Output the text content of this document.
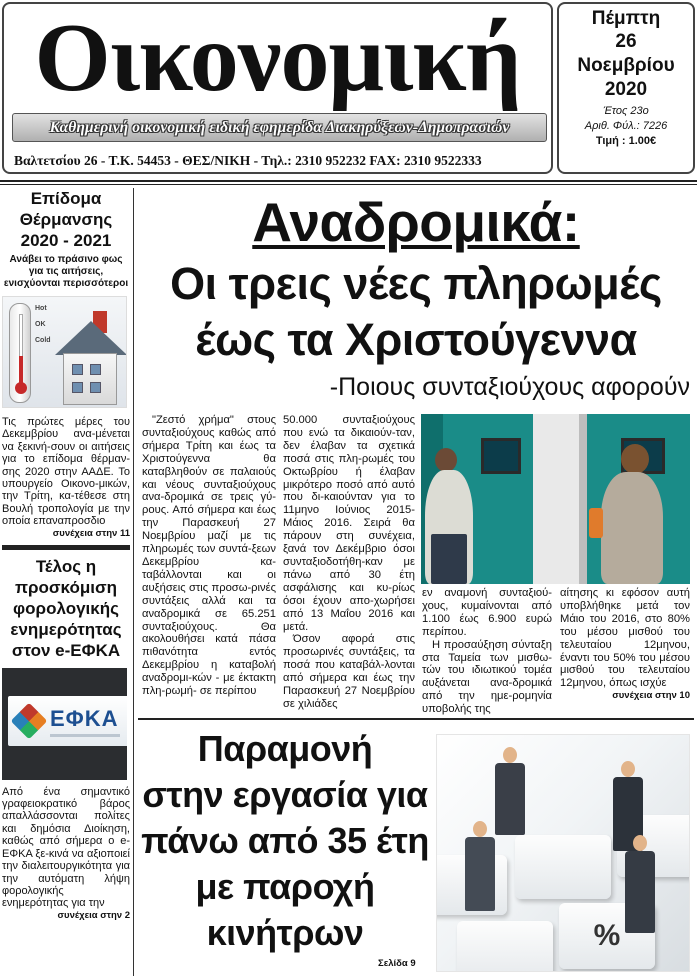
Οικονομική
Καθημερινή οικονομική ειδική εφημερίδα Διακηρύξεων-Δημοπρασιών
Βαλτετσίου 26 - Τ.Κ. 54453 - ΘΕΣ/ΝΙΚΗ - Τηλ.: 2310 952232 FAX: 2310 9522333
Πέμπτη
26
Νοεμβρίου
2020
Έτος 23ο
Αριθ. Φύλ.: 7226
Τιμή : 1.00€
Επίδομα Θέρμανσης 2020 - 2021
Ανάβει το πράσινο φως για τις αιτήσεις, ενισχύονται περισσότεροι
Hot
OK
Cold
Τις πρώτες μέρες του Δεκεμβρίου ανα-μένεται να ξεκινή-σουν οι αιτήσεις για το επίδομα θέρμαν-σης 2020 στην ΑΑΔΕ. Το υπουργείο Οικονο-μικών, την Τρίτη, κα-τέθεσε στη Βουλή τροπολογία με την οποία επαναπροσδιο
συνέχεια στην 11
Τέλος η προσκόμιση φορολογικής ενημερότητας στον e-ΕΦΚΑ
ΕΦΚΑ
Από ένα σημαντικό γραφειοκρατικό βάρος απαλλάσσονται πολίτες και δημόσια Διοίκηση, καθώς από σήμερα ο e-ΕΦΚΑ ξε-κινά να αξιοποιεί την διαλειτουργικότητα για την αυτόματη λήψη φορολογικής ενημερότητας για την
συνέχεια στην 2
Αναδρομικά:
Οι τρεις νέες πληρωμές
έως τα Χριστούγεννα
-Ποιους συνταξιούχους αφορούν

"Ζεστό χρήμα" στους συνταξιούχους καθώς από σήμερα Τρίτη και έως τα Χριστούγεννα θα καταβληθούν σε παλαιούς και νέους συνταξιούχους ανα-δρομικά σε τρεις γύ-ρους. Από σήμερα και έως την Παρασκευή 27 Νοεμβρίου μαζί με τις πληρωμές των συντά-ξεων Δεκεμβρίου κα-ταβάλλονται και οι αυξήσεις στις προσω-ρινές συντάξεις αλλά και τα αναδρομικά σε 65.251 συνταξιούχους. Θα ακολουθήσει κατά πάσα πιθανότητα εντός Δεκεμβρίου η καταβολή αναδρομι-κών - με έκτακτη πλη-ρωμή- σε περίπου

50.000 συνταξιούχους που ενώ τα δικαιούν-ταν, δεν έλαβαν τα σχετικά ποσά στις πλη-ρωμές του Οκτωβρίου ή έλαβαν μικρότερο ποσό από αυτό που δι-καιούνταν για το 11μηνο Ιούνιος 2015-Μάιος 2016. Σειρά θα πάρουν στη συνέχεια, ξανά τον Δεκέμβριο όσοι συνταξιοδοτήθη-καν με πάνω από 30 έτη ασφάλισης και κυ-ρίως όσοι έχουν απο-χωρήσει από 13 Μαΐου 2016 και μετά.

Όσον αφορά στις προσωρινές συντάξεις, τα ποσά που καταβάλ-λονται από σήμερα και έως την Παρασκευή 27 Νοεμβρίου σε χιλιάδες

εν αναμονή συνταξιού-χους, κυμαίνονται από 1.100 έως 6.900 ευρώ περίπου.

Η προσαύξηση σύνταξη στα Ταμεία των μισθω-τών του ιδιωτικού τομέα αυξάνεται ανα-δρομικά από την ημε-ρομηνία υποβολής της

αίτησης κι εφόσον αυτή υποβλήθηκε μετά τον Μάιο του 2016, στο 80% του μέσου μισθού του τελευταίου 12μηνου, έναντι του 50% του μέσου μισθού του τελευταίου 12μηνου, όπως ισχύε

συνέχεια στην 10
Παραμονή
στην εργασία για
πάνω από 35 έτη
με παροχή
κινήτρων
Σελίδα 9
%
